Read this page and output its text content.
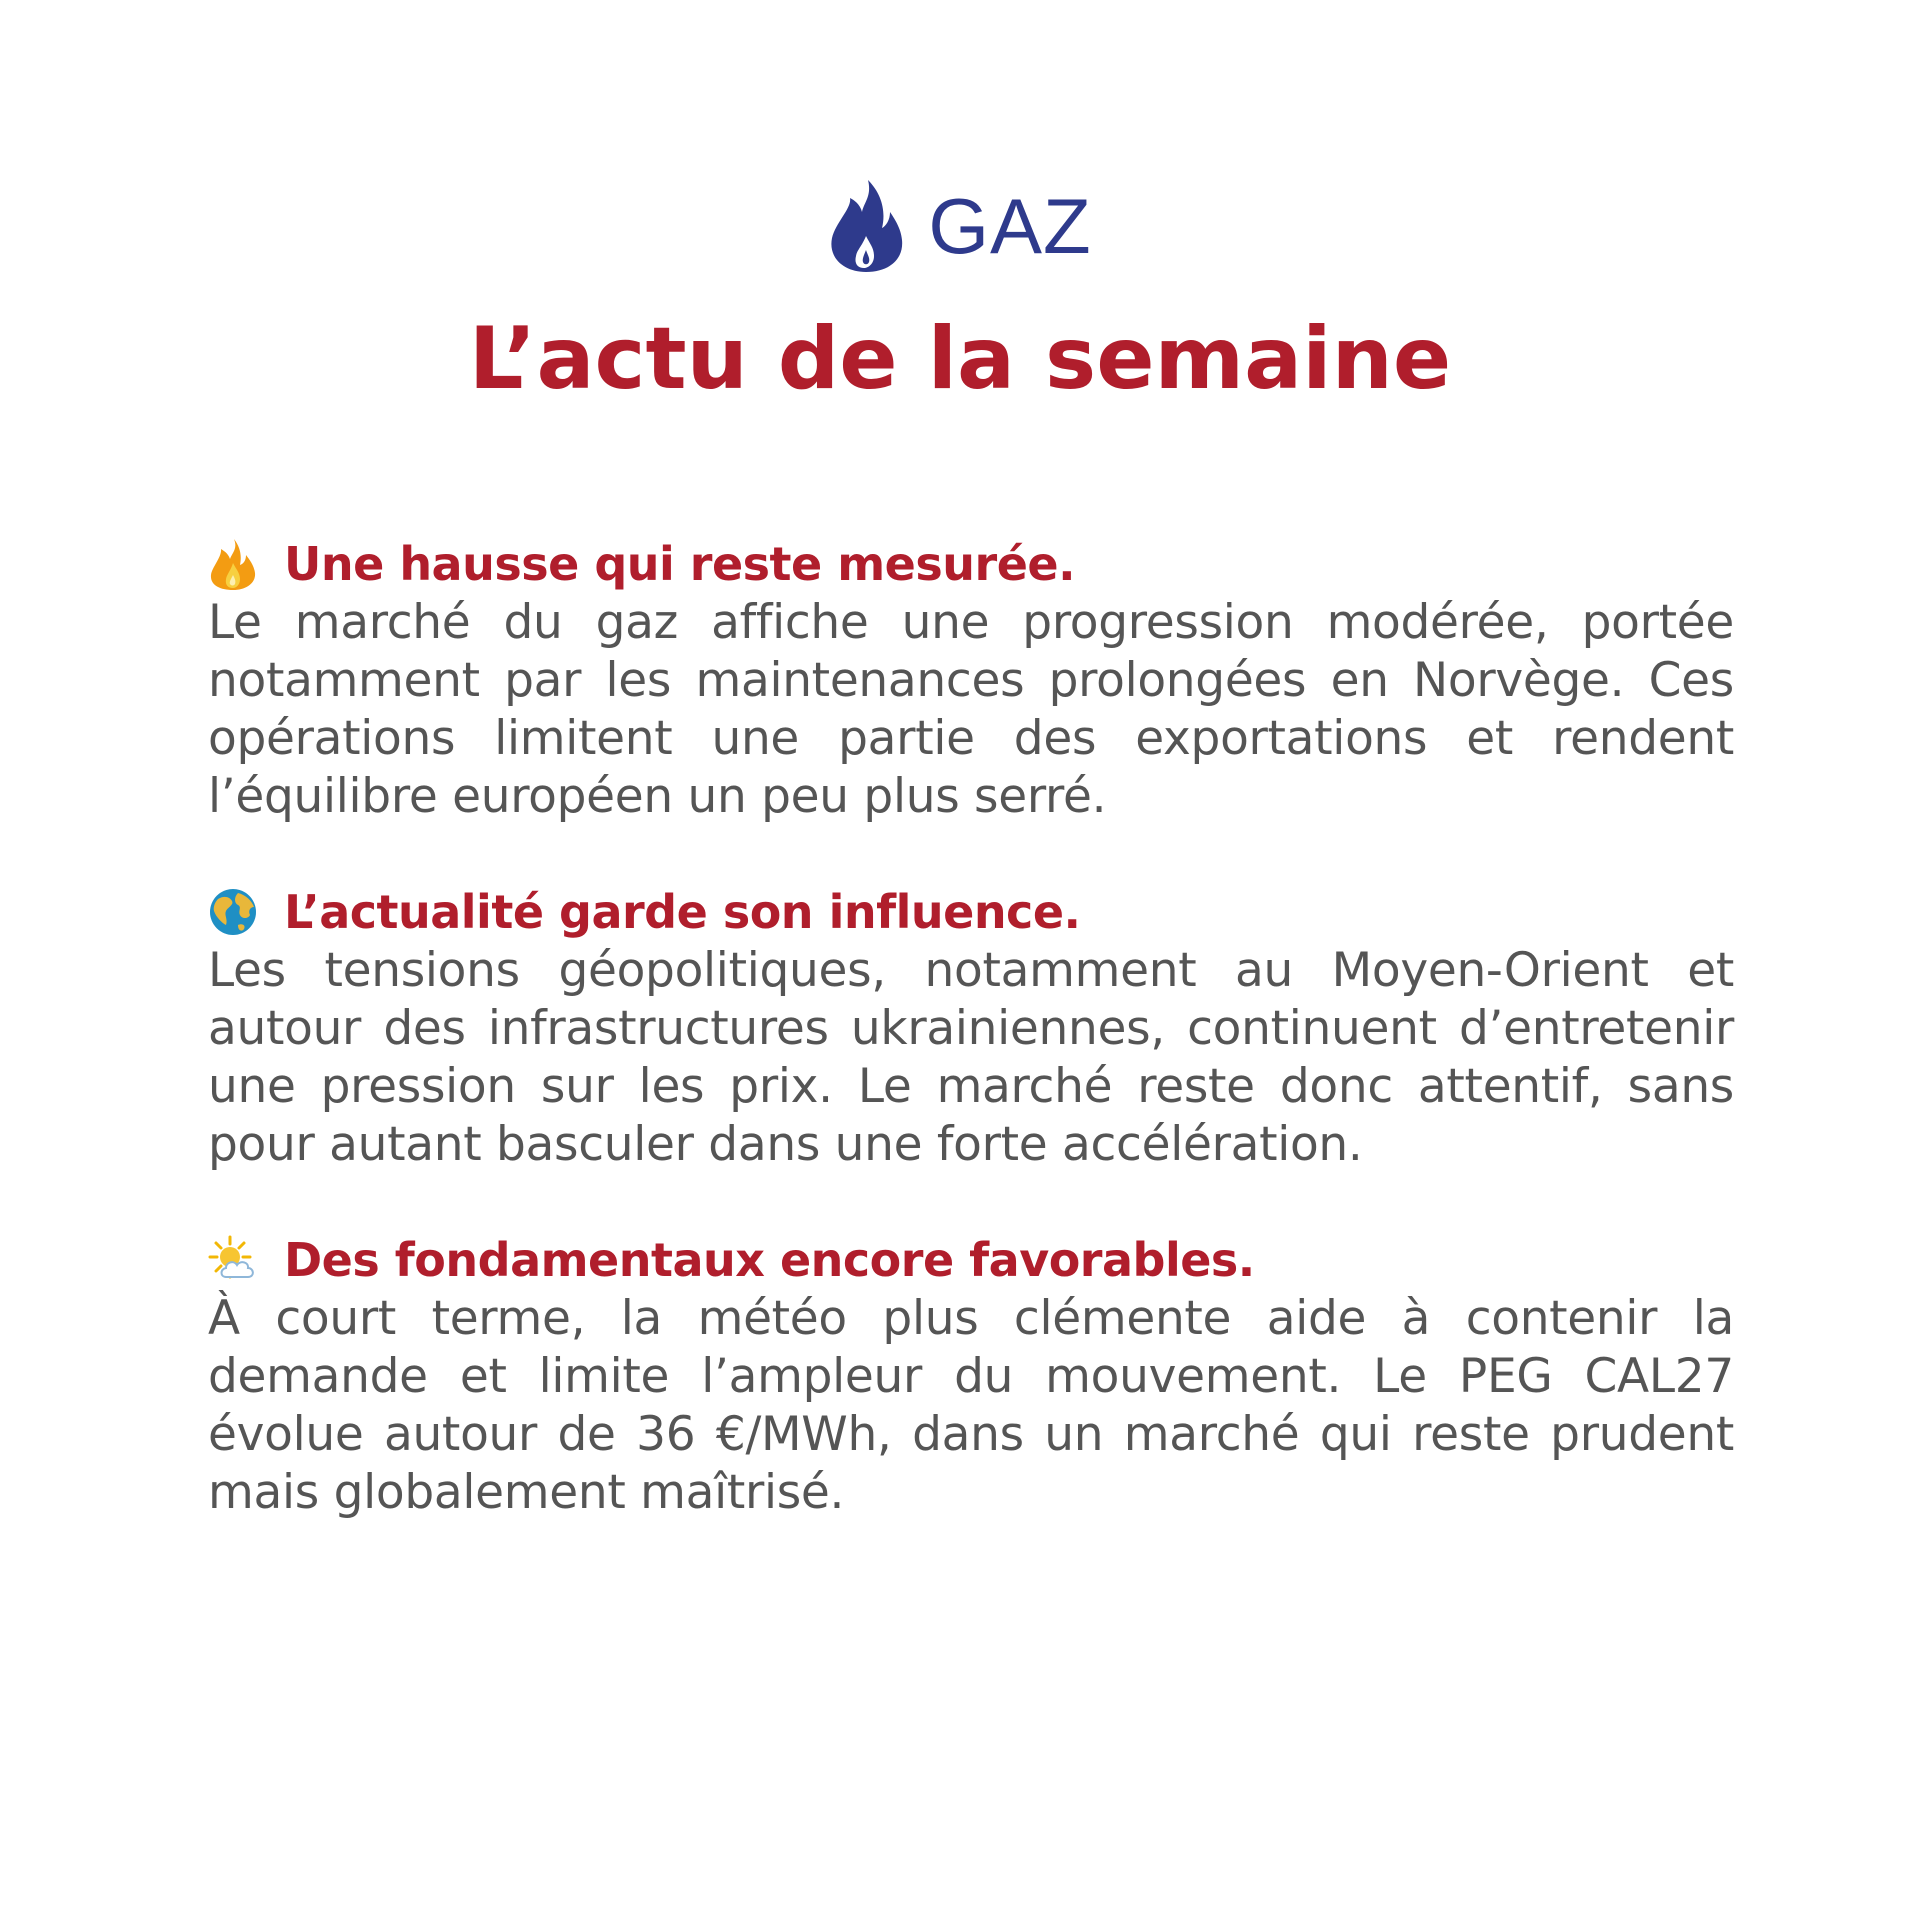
GAZ
L’actu de la semaine
Une hausse qui reste mesurée.
Le marché du gaz affiche une progression modérée, portée notamment par les maintenances prolongées en Norvège. Ces opérations limitent une partie des exportations et rendent l’équilibre européen un peu plus serré.
L’actualité garde son influence.
Les tensions géopolitiques, notamment au Moyen-Orient et autour des infrastructures ukrainiennes, continuent d’entretenir une pression sur les prix. Le marché reste donc attentif, sans pour autant basculer dans une forte accélération.
Des fondamentaux encore favorables.
À court terme, la météo plus clémente aide à contenir la demande et limite l’ampleur du mouvement. Le PEG CAL27 évolue autour de 36 €/MWh, dans un marché qui reste prudent mais globalement maîtrisé.
